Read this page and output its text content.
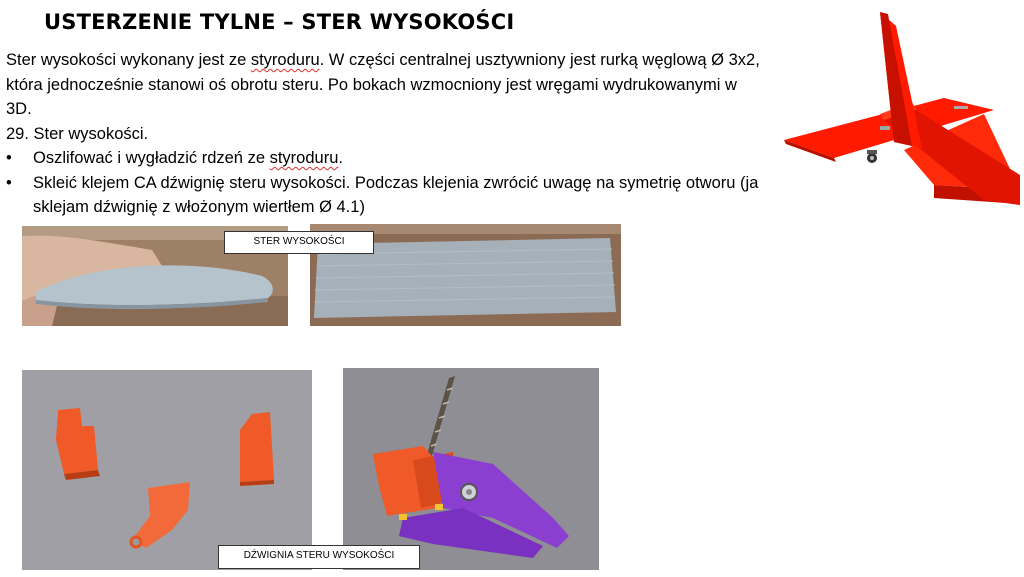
USTERZENIE TYLNE – STER WYSOKOŚCI

Ster wysokości wykonany jest ze styroduru. W części centralnej usztywniony jest rurką węglową Ø 3x2, która jednocześnie stanowi oś obrotu steru. Po bokach wzmocniony jest wręgami wydrukowanymi w 3D.

29. Ster wysokości.

• Oszlifować i wygładzić rdzeń ze styroduru.
• Skleić klejem CA dźwignię steru wysokości. Podczas klejenia zwrócić uwagę na symetrię otworu (ja sklejam dźwignię z włożonym wiertłem Ø 4.1)
STER WYSOKOŚCI
DŹWIGNIA STERU WYSOKOŚCI
